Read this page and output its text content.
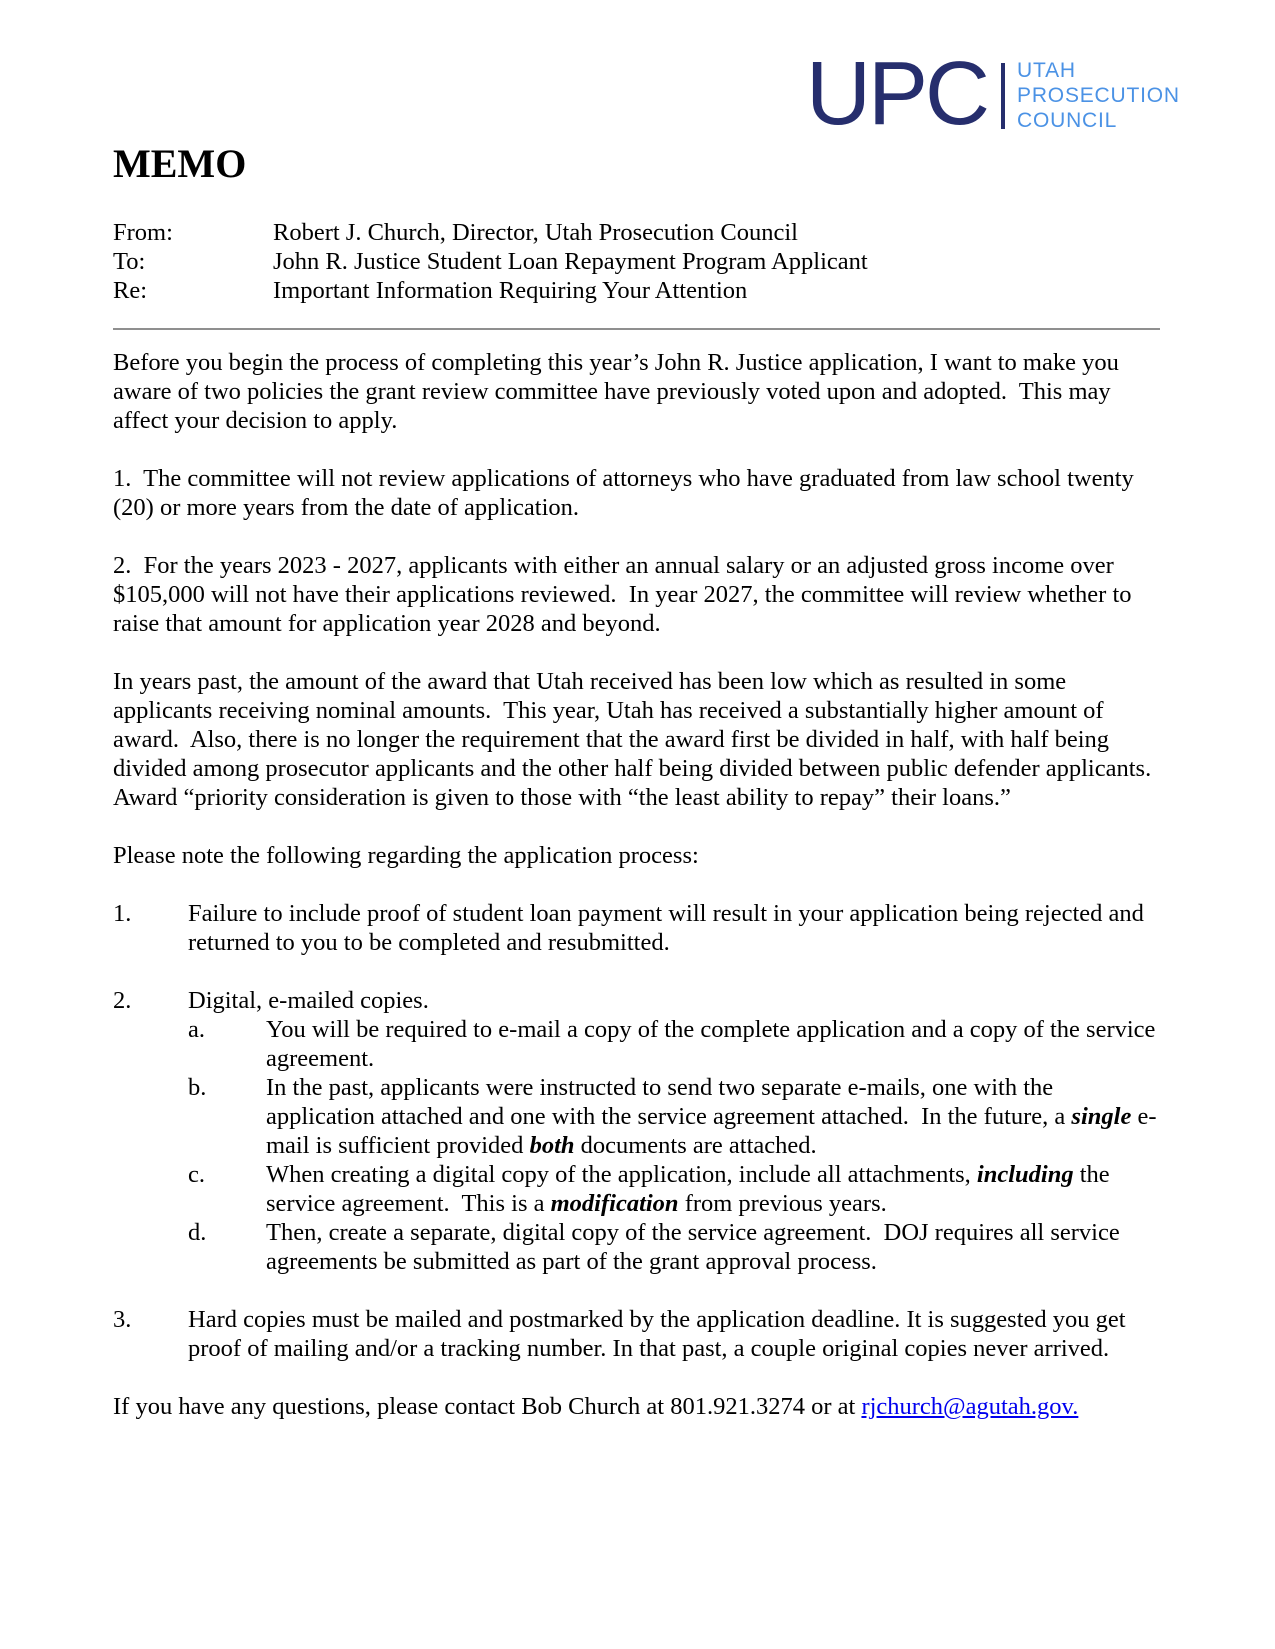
UPC UTAH
PROSECUTION
COUNCIL
MEMO
From:	Robert J. Church, Director, Utah Prosecution Council
To:	John R. Justice Student Loan Repayment Program Applicant
Re:	Important Information Requiring Your Attention

Before you begin the process of completing this year’s John R. Justice application, I want to make you aware of two policies the grant review committee have previously voted upon and adopted.  This may affect your decision to apply.

1.  The committee will not review applications of attorneys who have graduated from law school twenty (20) or more years from the date of application.

2.  For the years 2023 - 2027, applicants with either an annual salary or an adjusted gross income over $105,000 will not have their applications reviewed.  In year 2027, the committee will review whether to raise that amount for application year 2028 and beyond.

In years past, the amount of the award that Utah received has been low which as resulted in some applicants receiving nominal amounts.  This year, Utah has received a substantially higher amount of award.  Also, there is no longer the requirement that the award first be divided in half, with half being divided among prosecutor applicants and the other half being divided between public defender applicants.  Award “priority consideration is given to those with “the least ability to repay” their loans.”

Please note the following regarding the application process:

1.	Failure to include proof of student loan payment will result in your application being rejected and returned to you to be completed and resubmitted.
2.	Digital, e-mailed copies.
a.	You will be required to e-mail a copy of the complete application and a copy of the service agreement.
b.	In the past, applicants were instructed to send two separate e-mails, one with the application attached and one with the service agreement attached.  In the future, a single e-mail is sufficient provided both documents are attached.
c.	When creating a digital copy of the application, include all attachments, including the service agreement.  This is a modification from previous years.
d.	Then, create a separate, digital copy of the service agreement.  DOJ requires all service agreements be submitted as part of the grant approval process.
3.	Hard copies must be mailed and postmarked by the application deadline. It is suggested you get proof of mailing and/or a tracking number. In that past, a couple original copies never arrived.

If you have any questions, please contact Bob Church at 801.921.3274 or at rjchurch@agutah.gov.
